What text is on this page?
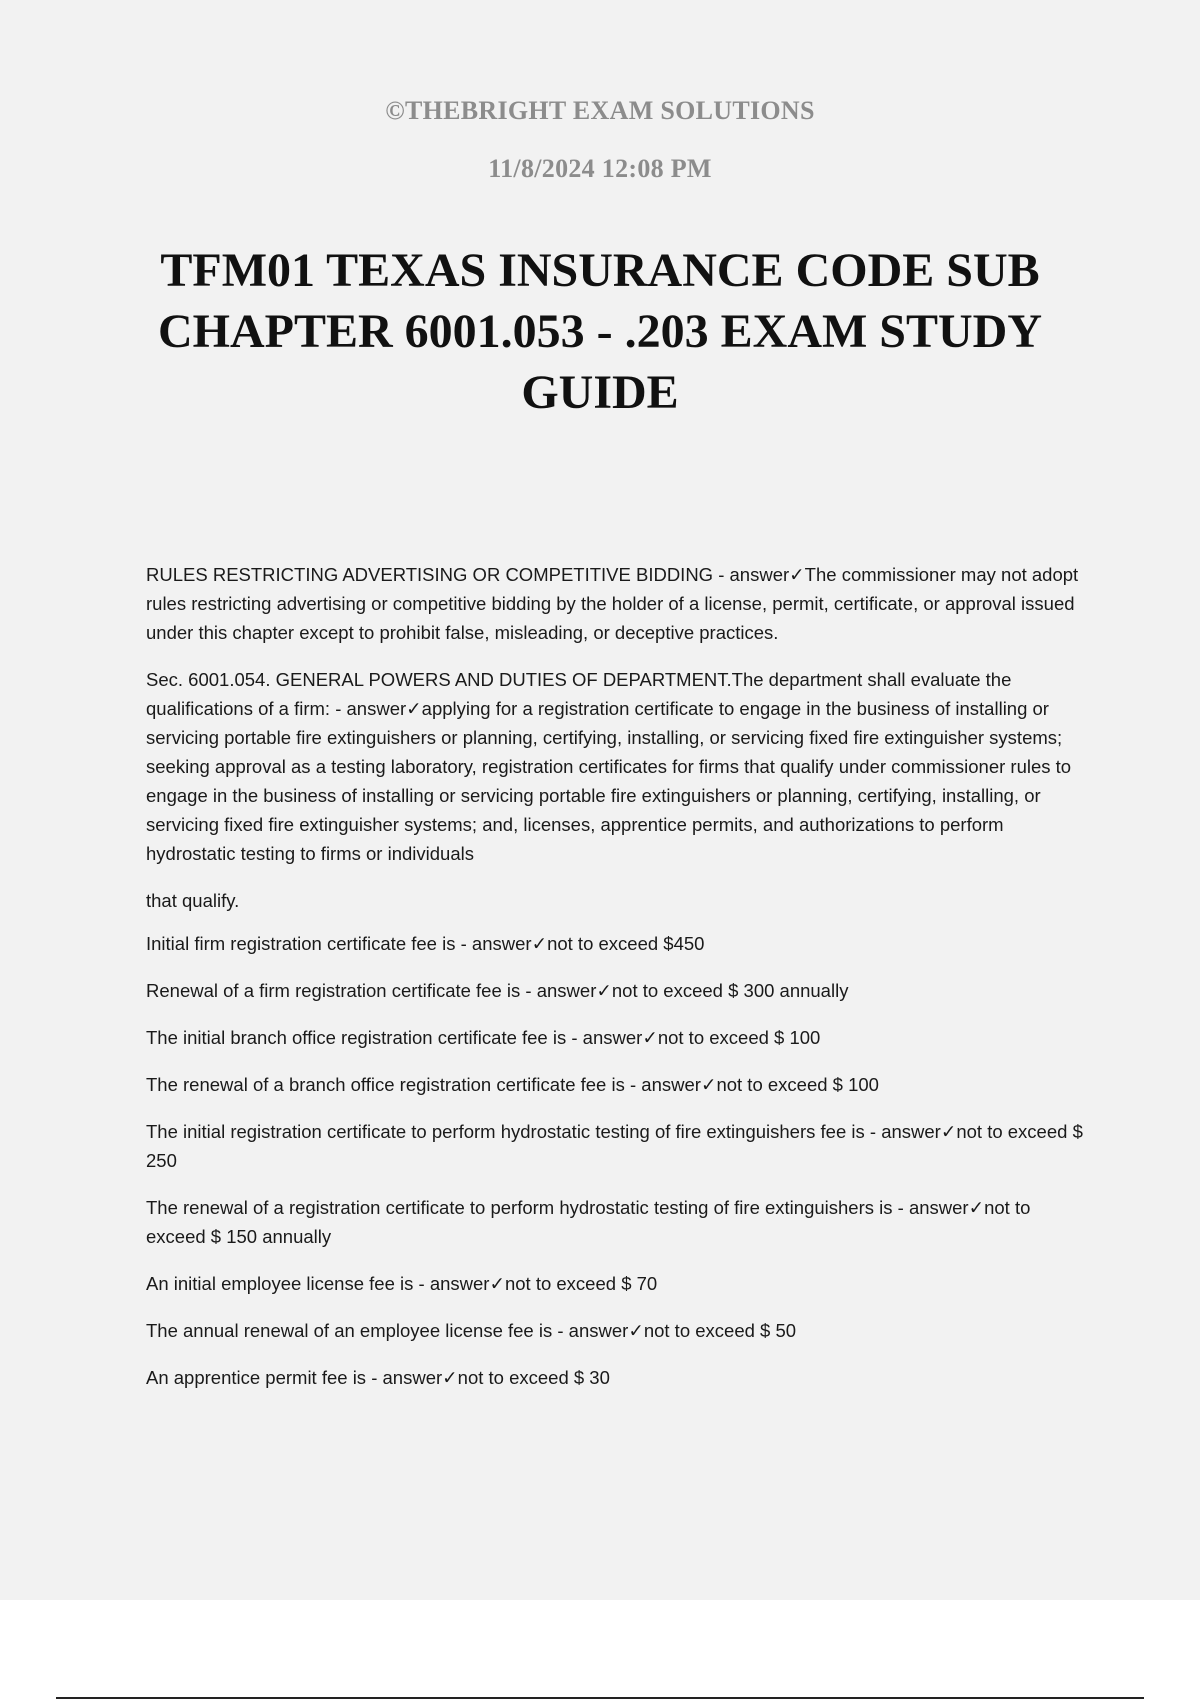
©THEBRIGHT EXAM SOLUTIONS
11/8/2024 12:08 PM
TFM01 TEXAS INSURANCE CODE SUB CHAPTER 6001.053 - .203 EXAM STUDY GUIDE

RULES RESTRICTING ADVERTISING OR COMPETITIVE BIDDING - answer✓The commissioner may not adopt rules restricting advertising or competitive bidding by the holder of a license, permit, certificate, or approval issued under this chapter except to prohibit false, misleading, or deceptive practices.

Sec. 6001.054. GENERAL POWERS AND DUTIES OF DEPARTMENT.The department shall evaluate the qualifications of a firm: - answer✓applying for a registration certificate to engage in the business of installing or servicing portable fire extinguishers or planning, certifying, installing, or servicing fixed fire extinguisher systems; seeking approval as a testing laboratory, registration certificates for firms that qualify under commissioner rules to engage in the business of installing or servicing portable fire extinguishers or planning, certifying, installing, or servicing fixed fire extinguisher systems; and, licenses, apprentice permits, and authorizations to perform hydrostatic testing to firms or individuals

that qualify.

Initial firm registration certificate fee is - answer✓not to exceed $450

Renewal of a firm registration certificate fee is - answer✓not to exceed $ 300 annually

The initial branch office registration certificate fee is - answer✓not to exceed $ 100

The renewal of a branch office registration certificate fee is - answer✓not to exceed $ 100

The initial registration certificate to perform hydrostatic testing of fire extinguishers fee is - answer✓not to exceed $ 250

The renewal of a registration certificate to perform hydrostatic testing of fire extinguishers is - answer✓not to exceed $ 150 annually

An initial employee license fee is - answer✓not to exceed $ 70

The annual renewal of an employee license fee is - answer✓not to exceed $ 50

An apprentice permit fee is - answer✓not to exceed $ 30
